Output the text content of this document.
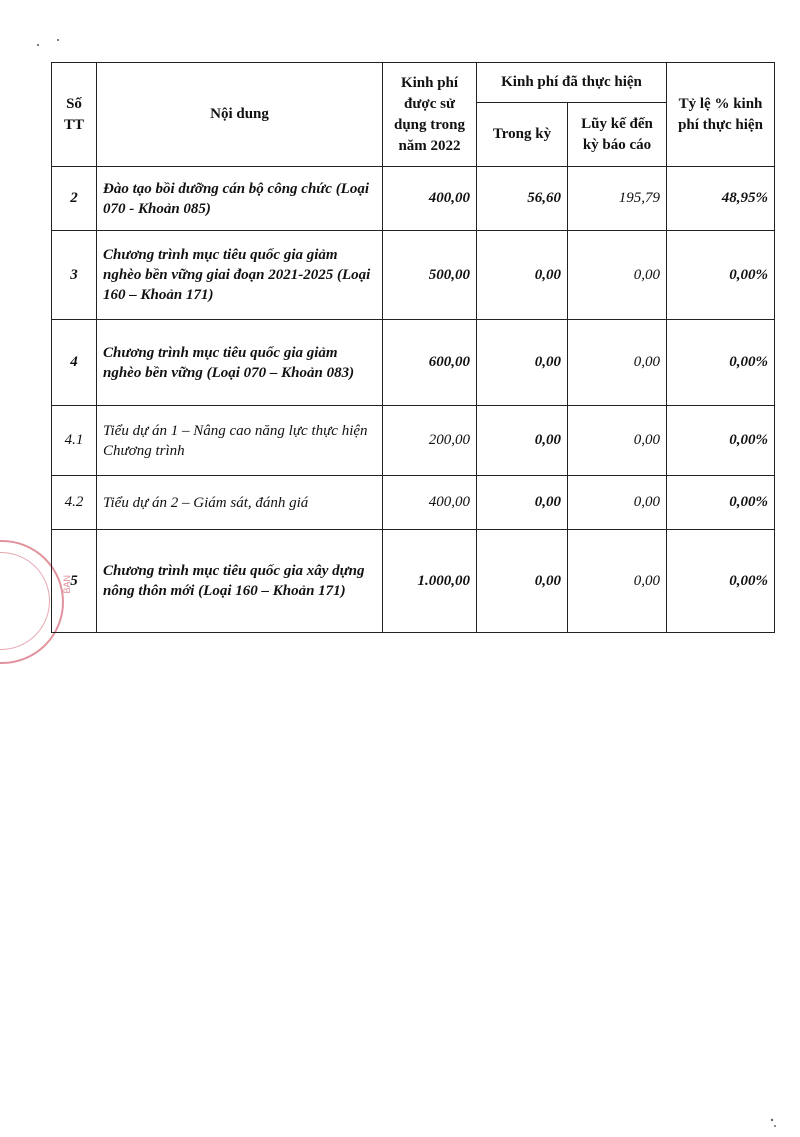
BAN
Số TT	Nội dung	Kinh phí được sử dụng trong năm 2022	Kinh phí đã thực hiện		Tỷ lệ % kinh phí thực hiện
			Trong kỳ	Lũy kế đến kỳ báo cáo	
2	Đào tạo bồi dưỡng cán bộ công chức (Loại 070 - Khoản 085)	400,00	56,60	195,79	48,95%
3	Chương trình mục tiêu quốc gia giảm nghèo bền vững giai đoạn 2021-2025 (Loại 160 – Khoản 171)	500,00	0,00	0,00	0,00%
4	Chương trình mục tiêu quốc gia giảm nghèo bền vững (Loại 070 – Khoản 083)	600,00	0,00	0,00	0,00%
4.1	Tiểu dự án 1 – Nâng cao năng lực thực hiện Chương trình	200,00	0,00	0,00	0,00%
4.2	Tiểu dự án 2 – Giám sát, đánh giá	400,00	0,00	0,00	0,00%
5	Chương trình mục tiêu quốc gia xây dựng nông thôn mới (Loại 160 – Khoản 171)	1.000,00	0,00	0,00	0,00%
